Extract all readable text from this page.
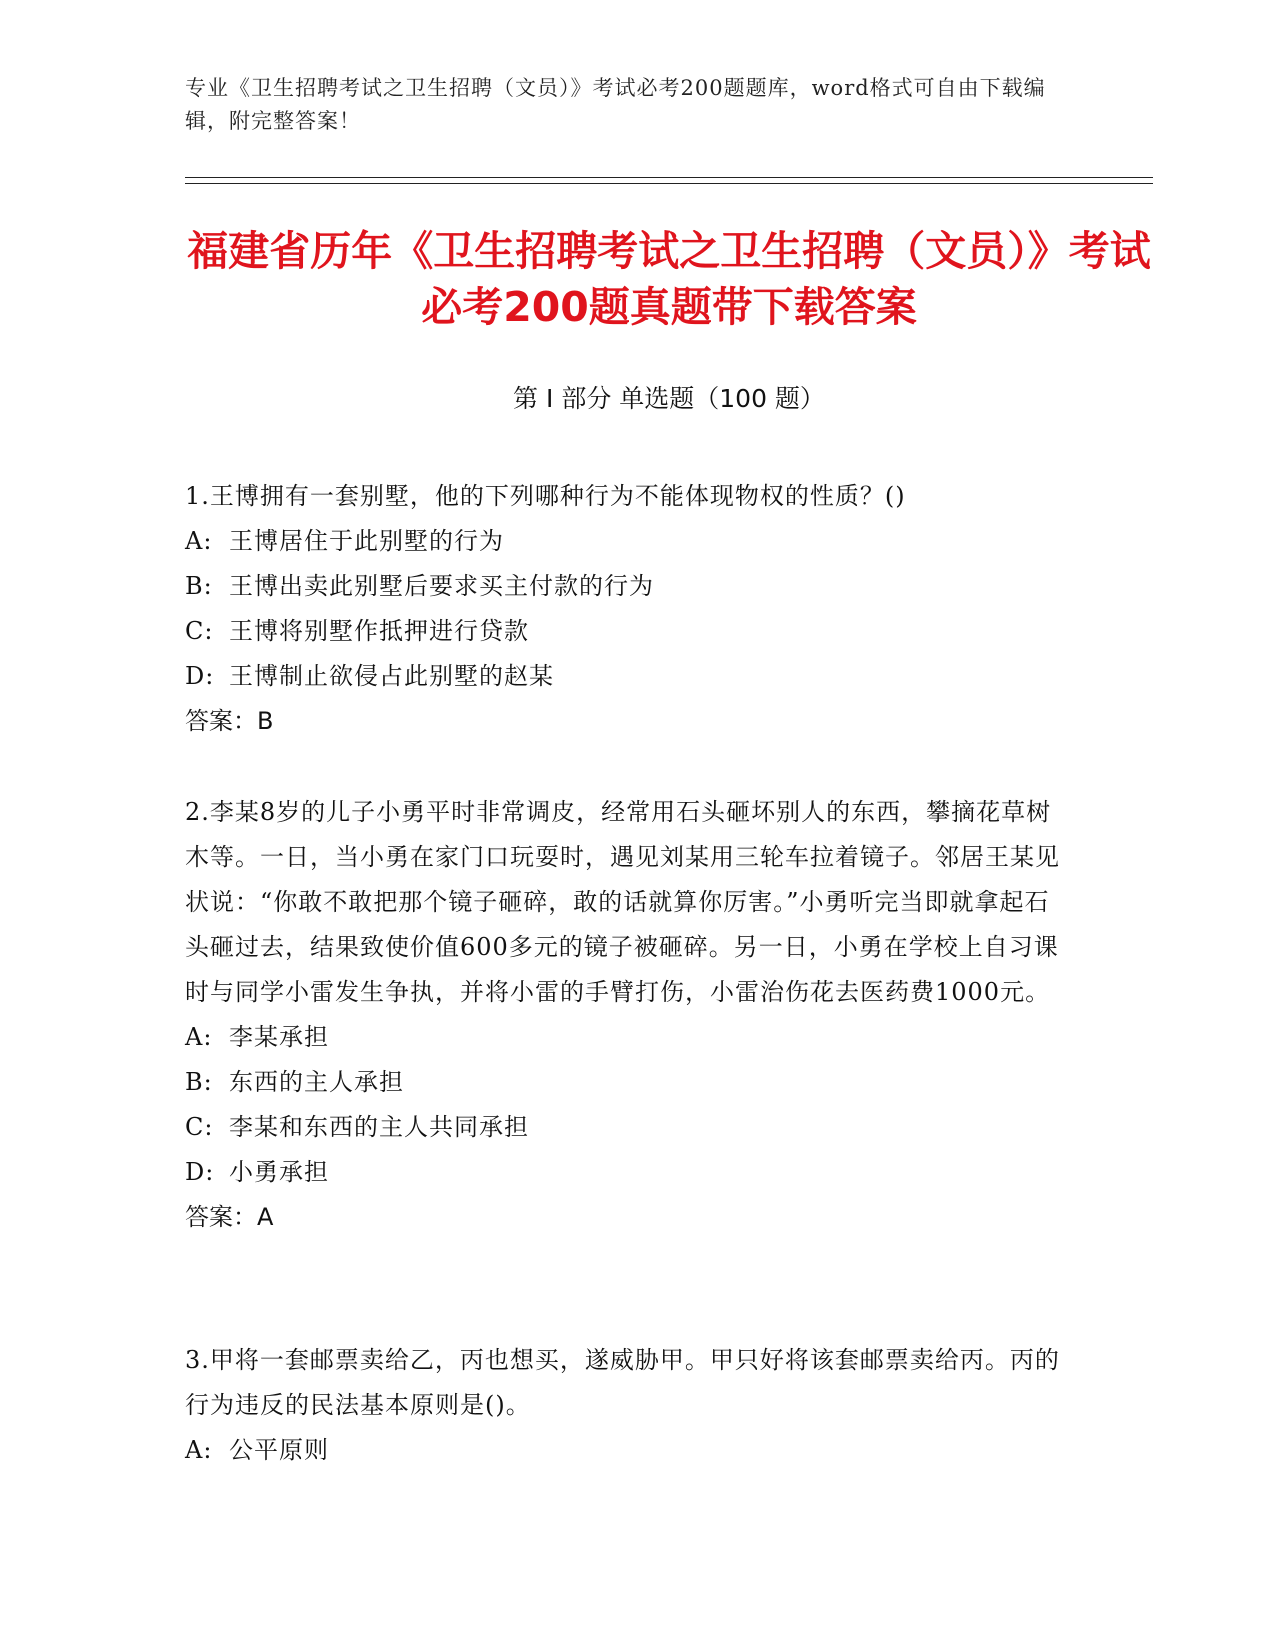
专业《卫生招聘考试之卫生招聘（文员）》考试必考200题题库，word格式可自由下载编辑，附完整答案！
福建省历年《卫生招聘考试之卫生招聘（文员）》考试必考200题真题带下载答案
第 I 部分 单选题（100 题）

1.王博拥有一套别墅，他的下列哪种行为不能体现物权的性质？()

A: 王博居住于此别墅的行为

B: 王博出卖此别墅后要求买主付款的行为

C: 王博将别墅作抵押进行贷款

D: 王博制止欲侵占此别墅的赵某

答案：B

2.李某8岁的儿子小勇平时非常调皮，经常用石头砸坏别人的东西，攀摘花草树木等。一日，当小勇在家门口玩耍时，遇见刘某用三轮车拉着镜子。邻居王某见状说：“你敢不敢把那个镜子砸碎，敢的话就算你厉害。”小勇听完当即就拿起石头砸过去，结果致使价值600多元的镜子被砸碎。另一日，小勇在学校上自习课时与同学小雷发生争执，并将小雷的手臂打伤，小雷治伤花去医药费1000元。

A: 李某承担

B: 东西的主人承担

C: 李某和东西的主人共同承担

D: 小勇承担

答案：A

3.甲将一套邮票卖给乙，丙也想买，遂威胁甲。甲只好将该套邮票卖给丙。丙的行为违反的民法基本原则是()。

A: 公平原则
